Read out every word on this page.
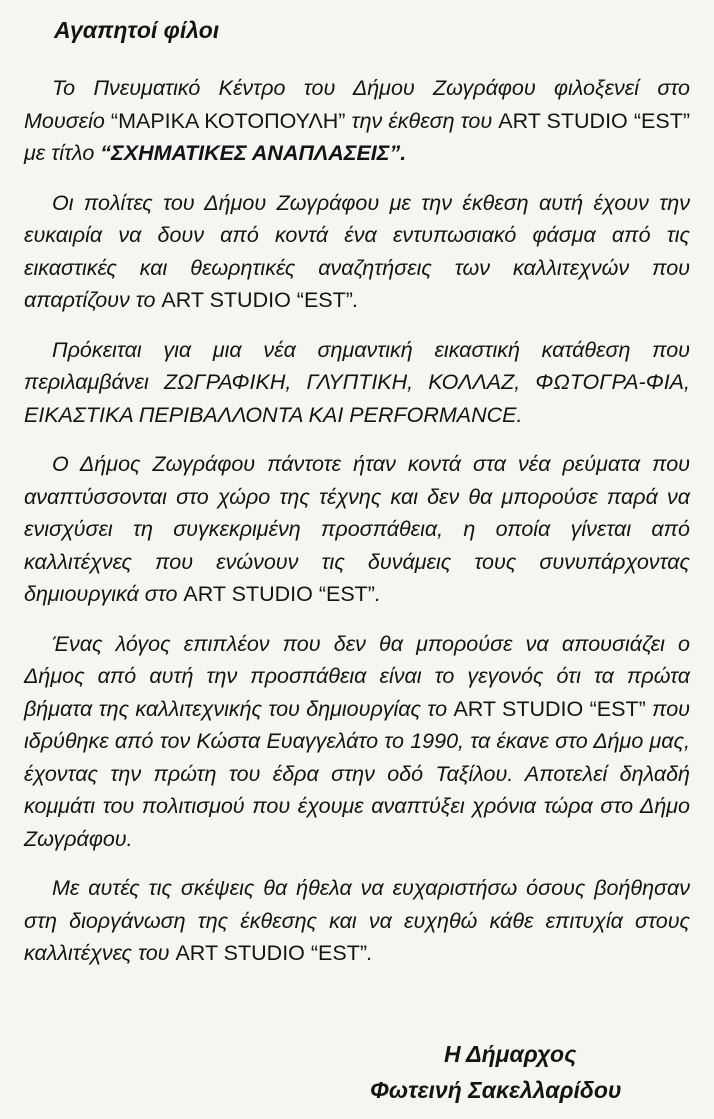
Αγαπητοί φίλοι

Το Πνευματικό Κέντρο του Δήμου Ζωγράφου φιλοξενεί στο Μουσείο “ΜΑΡΙΚΑ ΚΟΤΟΠΟΥΛΗ” την έκθεση του ART STUDIO “EST” με τίτλο “ΣΧΗΜΑΤΙΚΕΣ ΑΝΑΠΛΑΣΕΙΣ”.

Οι πολίτες του Δήμου Ζωγράφου με την έκθεση αυτή έχουν την ευκαιρία να δουν από κοντά ένα εντυπωσιακό φάσμα από τις εικαστικές και θεωρητικές αναζητήσεις των καλλιτεχνών που απαρτίζουν το ART STUDIO “EST”.

Πρόκειται για μια νέα σημαντική εικαστική κατάθεση που περιλαμβάνει ΖΩΓΡΑΦΙΚΗ, ΓΛΥΠΤΙΚΗ, ΚΟΛΛΑΖ, ΦΩΤΟΓΡΑ-ΦΙΑ, ΕΙΚΑΣΤΙΚΑ ΠΕΡΙΒΑΛΛΟΝΤΑ ΚΑΙ PERFORMANCE.

Ο Δήμος Ζωγράφου πάντοτε ήταν κοντά στα νέα ρεύματα που αναπτύσσονται στο χώρο της τέχνης και δεν θα μπορούσε παρά να ενισχύσει τη συγκεκριμένη προσπάθεια, η οποία γίνεται από καλλιτέχνες που ενώνουν τις δυνάμεις τους συνυπάρχοντας δημιουργικά στο ART STUDIO “EST”.

Ένας λόγος επιπλέον που δεν θα μπορούσε να απουσιάζει ο Δήμος από αυτή την προσπάθεια είναι το γεγονός ότι τα πρώτα βήματα της καλλιτεχνικής του δημιουργίας το ART STUDIO “EST” που ιδρύθηκε από τον Κώστα Ευαγγελάτο το 1990, τα έκανε στο Δήμο μας, έχοντας την πρώτη του έδρα στην οδό Ταξίλου. Αποτελεί δηλαδή κομμάτι του πολιτισμού που έχουμε αναπτύξει χρόνια τώρα στο Δήμο Ζωγράφου.

Με αυτές τις σκέψεις θα ήθελα να ευχαριστήσω όσους βοήθησαν στη διοργάνωση της έκθεσης και να ευχηθώ κάθε επιτυχία στους καλλιτέχνες του ART STUDIO “EST”.

Η Δήμαρχος
Φωτεινή Σακελλαρίδου
